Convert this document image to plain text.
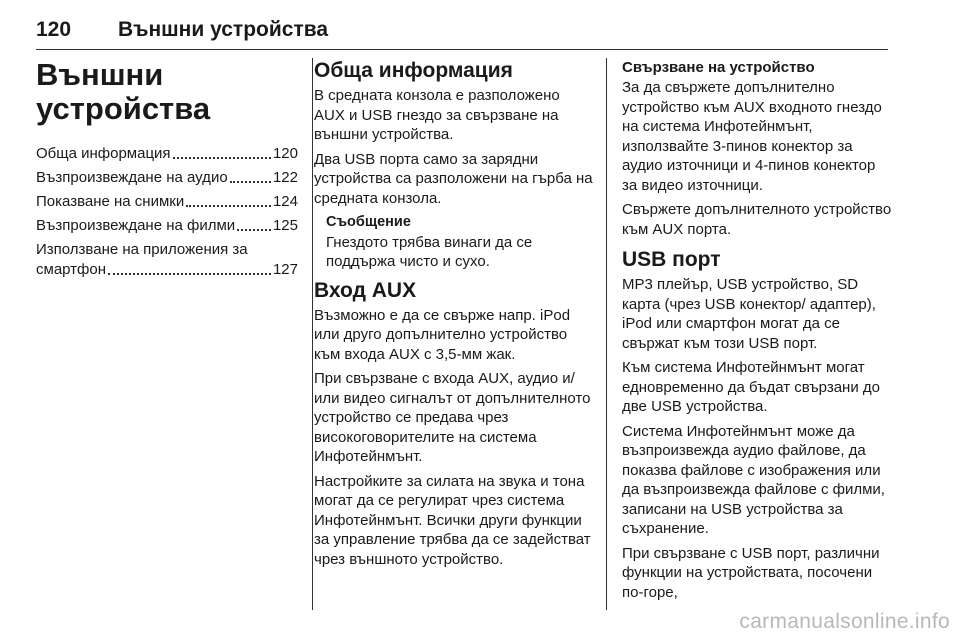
120 Външни устройства
Външни
устройства
Обща информация	120
Възпроизвеждане на аудио	122
Показване на снимки	124
Възпроизвеждане на филми	125
Използване на приложения за
смартфон	127
Обща информация

В средната конзола е разположено AUX и USB гнездо за свързване на външни устройства.

Два USB порта само за зарядни устройства са разположени на гърба на средната конзола.

Съобщение

Гнездото трябва винаги да се поддържа чисто и сухо.

Вход AUX

Възможно е да се свърже напр. iPod или друго допълнително устройство към входа AUX с 3,5-мм жак.

При свързване с входа AUX, аудио и/или видео сигналът от допълнителното устройство се предава чрез високоговорителите на система Инфотейнмънт.

Настройките за силата на звука и тона могат да се регулират чрез система Инфотейнмънт. Всички други функции за управление трябва да се задействат чрез външното устройство.

Свързване на устройство

За да свържете допълнително устройство към AUX входното гнездо на система Инфотейнмънт, използвайте 3-пинов конектор за аудио източници и 4-пинов конектор за видео източници.

Свържете допълнителното устройство към AUX порта.

USB порт

MP3 плейър, USB устройство, SD карта (чрез USB конектор/ адаптер), iPod или смартфон могат да се свържат към този USB порт.

Към система Инфотейнмънт могат едновременно да бъдат свързани до две USB устройства.

Система Инфотейнмънт може да възпроизвежда аудио файлове, да показва файлове с изображения или да възпроизвежда файлове с филми, записани на USB устройства за съхранение.

При свързване с USB порт, различни функции на устройствата, посочени по-горе,

carmanualsonline.info
